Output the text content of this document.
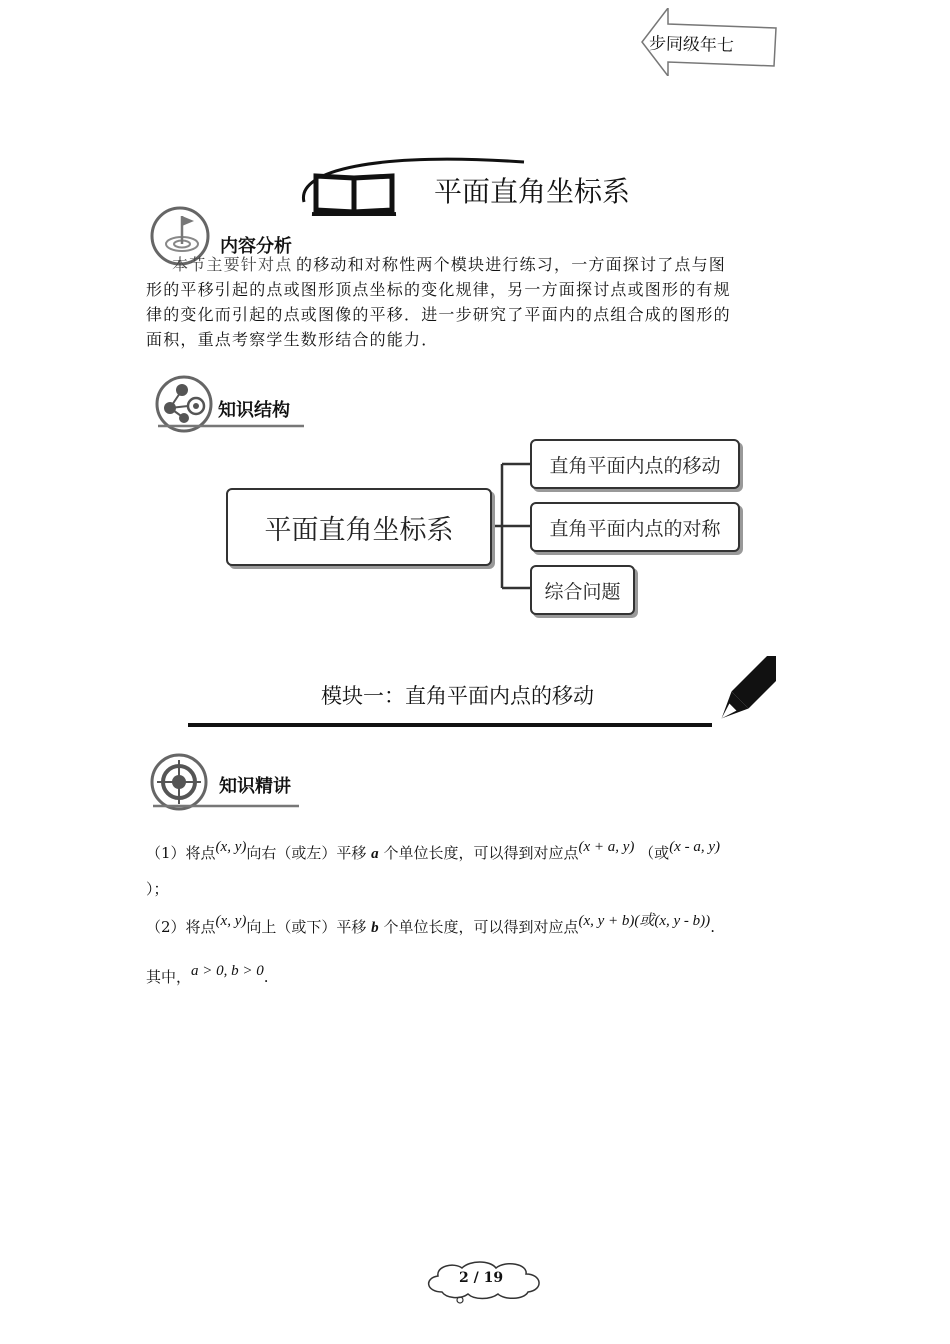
步同级年七
平面直角坐标系
内容分析
本节主要针对点 的移动和对称性两个模块进行练习，一方面探讨了点与图
形的平移引起的点或图形顶点坐标的变化规律，另一方面探讨点或图形的有规
律的变化而引起的点或图像的平移．进一步研究了平面内的点组合成的图形的
面积，重点考察学生数形结合的能力．
知识结构
平面直角坐标系
直角平面内点的移动
直角平面内点的对称
综合问题
模块一：直角平面内点的移动
知识精讲
（1）将点(x, y)向右（或左）平移 a 个单位长度，可以得到对应点(x + a, y) （或(x - a, y)
）；
（2）将点(x, y)向上（或下）平移 b 个单位长度，可以得到对应点(x, y + b)(或(x, y - b)).
其中，a > 0, b > 0.
2 / 19
